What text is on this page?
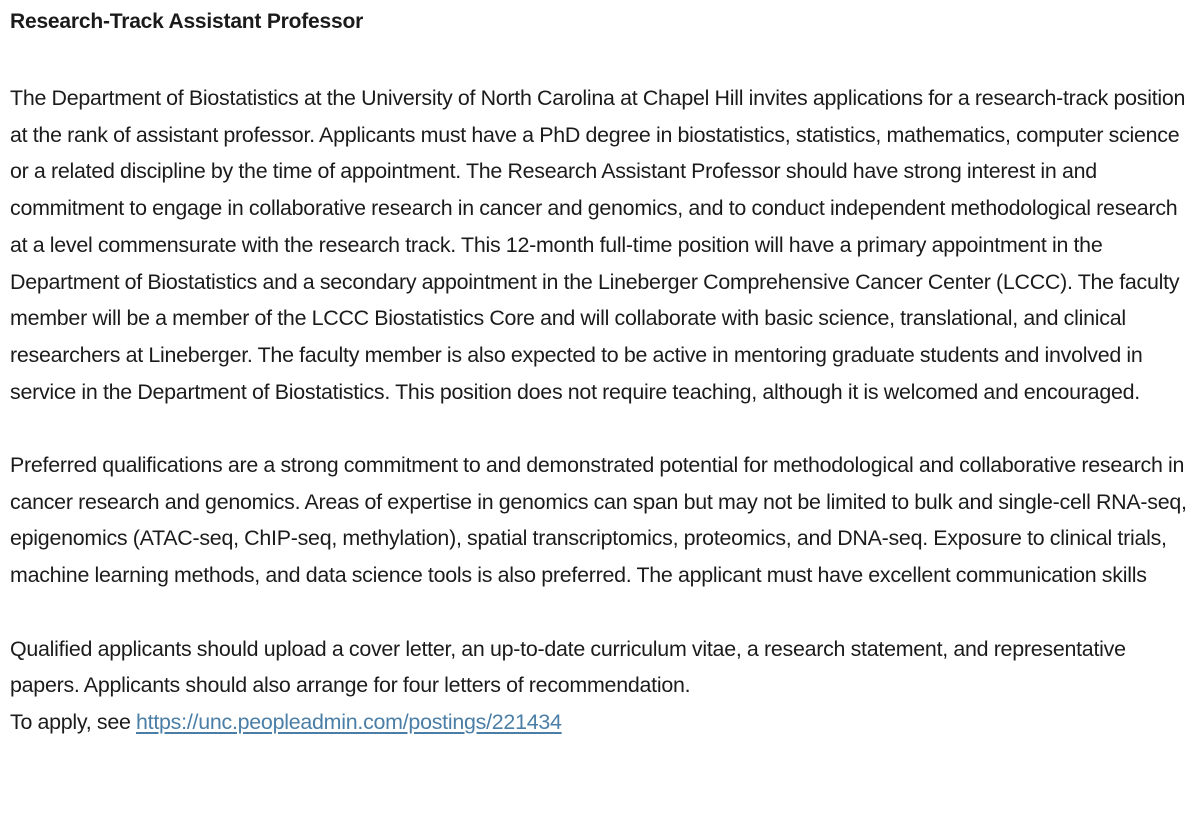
Research-Track Assistant Professor

The Department of Biostatistics at the University of North Carolina at Chapel Hill invites applications for a research-track position at the rank of assistant professor. Applicants must have a PhD degree in biostatistics, statistics, mathematics, computer science or a related discipline by the time of appointment. The Research Assistant Professor should have strong interest in and commitment to engage in collaborative research in cancer and genomics, and to conduct independent methodological research at a level commensurate with the research track. This 12-month full-time position will have a primary appointment in the Department of Biostatistics and a secondary appointment in the Lineberger Comprehensive Cancer Center (LCCC). The faculty member will be a member of the LCCC Biostatistics Core and will collaborate with basic science, translational, and clinical researchers at Lineberger. The faculty member is also expected to be active in mentoring graduate students and involved in service in the Department of Biostatistics. This position does not require teaching, although it is welcomed and encouraged.

Preferred qualifications are a strong commitment to and demonstrated potential for methodological and collaborative research in cancer research and genomics. Areas of expertise in genomics can span but may not be limited to bulk and single-cell RNA-seq, epigenomics (ATAC-seq, ChIP-seq, methylation), spatial transcriptomics, proteomics, and DNA-seq. Exposure to clinical trials, machine learning methods, and data science tools is also preferred. The applicant must have excellent communication skills

Qualified applicants should upload a cover letter, an up-to-date curriculum vitae, a research statement, and representative papers. Applicants should also arrange for four letters of recommendation.
To apply, see https://unc.peopleadmin.com/postings/221434
